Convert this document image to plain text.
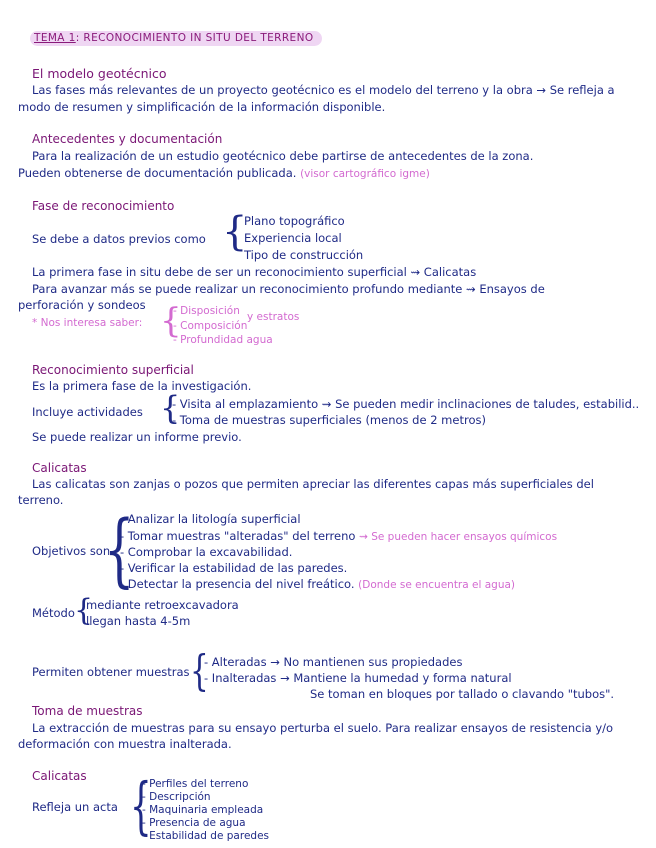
TEMA 1: RECONOCIMIENTO IN SITU DEL TERRENO
El modelo geotécnico
Las fases más relevantes de un proyecto geotécnico es el modelo del terreno y la obra → Se refleja a
modo de resumen y simplificación de la información disponible.
Antecedentes y documentación
Para la realización de un estudio geotécnico debe partirse de antecedentes de la zona.
Pueden obtenerse de documentación publicada. (visor cartográfico igme)
Fase de reconocimiento
Se debe a datos previos como {
Plano topográfico
Experiencia local
Tipo de construcción
La primera fase in situ debe de ser un reconocimiento superficial ⇝ Calicatas
Para avanzar más se puede realizar un reconocimiento profundo mediante ⇝ Ensayos de
perforación y sondeos
* Nos interesa saber: {
- Disposición
- Composición
- Profundidad agua
y estratos
Reconocimiento superficial
Es la primera fase de la investigación.
Incluye actividades {
- Visita al emplazamiento ⇝ Se pueden medir inclinaciones de taludes, estabilid..
- Toma de muestras superficiales (menos de 2 metros)
Se puede realizar un informe previo.
Calicatas
Las calicatas son zanjas o pozos que permiten apreciar las diferentes capas más superficiales del
terreno.
Objetivos son
{
- Analizar la litología superficial
- Tomar muestras "alteradas" del terreno ⇝ Se pueden hacer ensayos químicos
- Comprobar la excavabilidad.
- Verificar la estabilidad de las paredes.
- Detectar la presencia del nivel freático. (Donde se encuentra el agua)
Método {
mediante retroexcavadora
llegan hasta 4-5m
Permiten obtener muestras {
- Alteradas → No mantienen sus propiedades
- Inalteradas → Mantiene la humedad y forma natural
Se toman en bloques por tallado o clavando "tubos".
Toma de muestras
La extracción de muestras para su ensayo perturba el suelo. Para realizar ensayos de resistencia y/o
deformación con muestra inalterada.
Calicatas
Refleja un acta {
- Perfiles del terreno
- Descripción
- Maquinaria empleada
- Presencia de agua
- Estabilidad de paredes
